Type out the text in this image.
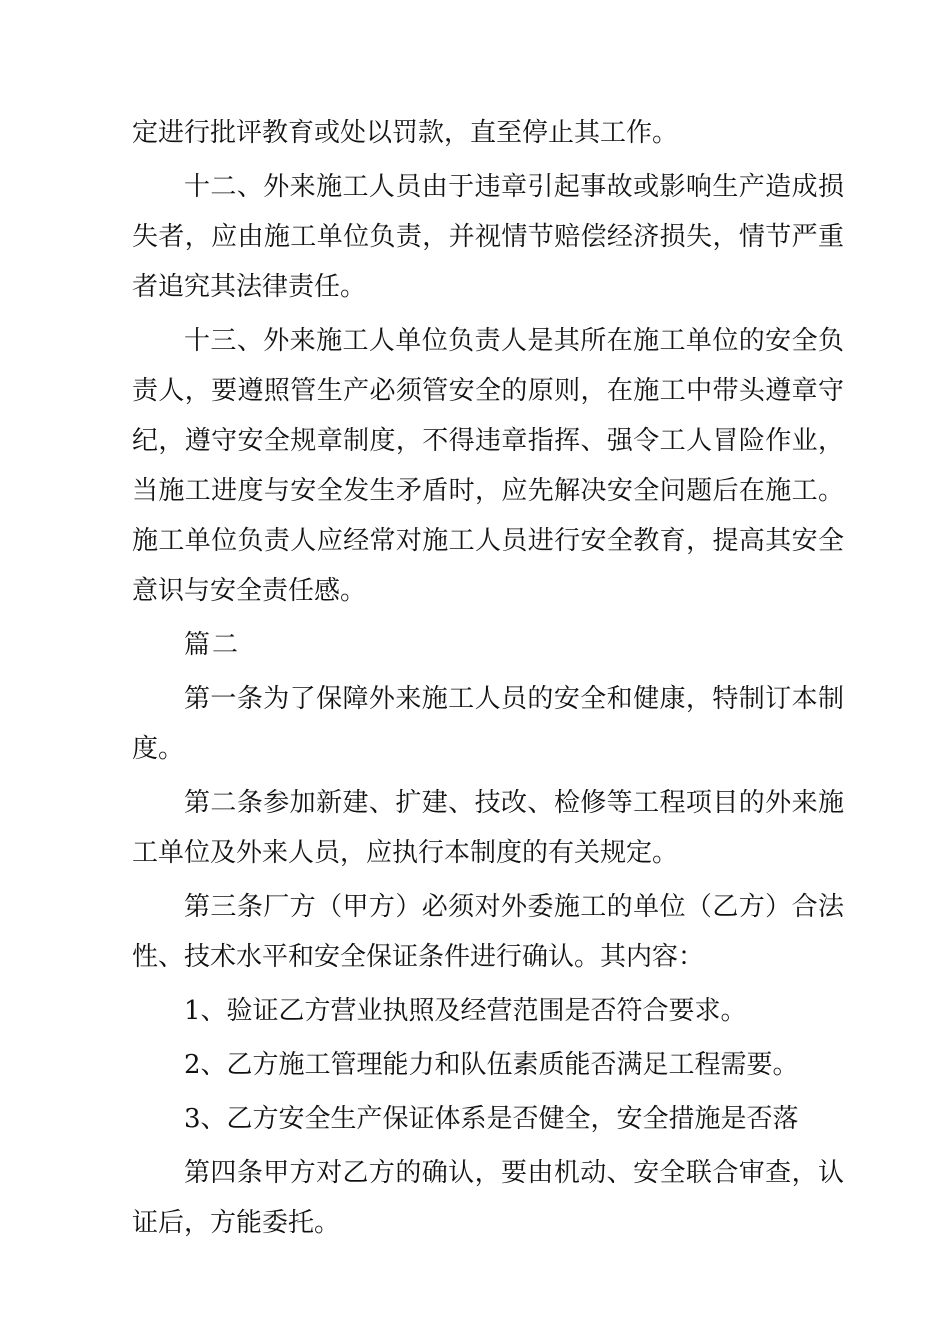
定进行批评教育或处以罚款，直至停止其工作。

十二、外来施工人员由于违章引起事故或影响生产造成损失者，应由施工单位负责，并视情节赔偿经济损失，情节严重者追究其法律责任。

十三、外来施工人单位负责人是其所在施工单位的安全负责人，要遵照管生产必须管安全的原则，在施工中带头遵章守纪，遵守安全规章制度，不得违章指挥、强令工人冒险作业，当施工进度与安全发生矛盾时，应先解决安全问题后在施工。施工单位负责人应经常对施工人员进行安全教育，提高其安全意识与安全责任感。

篇二

第一条为了保障外来施工人员的安全和健康，特制订本制度。

第二条参加新建、扩建、技改、检修等工程项目的外来施工单位及外来人员，应执行本制度的有关规定。

第三条厂方（甲方）必须对外委施工的单位（乙方）合法性、技术水平和安全保证条件进行确认。其内容：

1、验证乙方营业执照及经营范围是否符合要求。

2、乙方施工管理能力和队伍素质能否满足工程需要。

3、乙方安全生产保证体系是否健全，安全措施是否落

第四条甲方对乙方的确认，要由机动、安全联合审查，认证后，方能委托。
